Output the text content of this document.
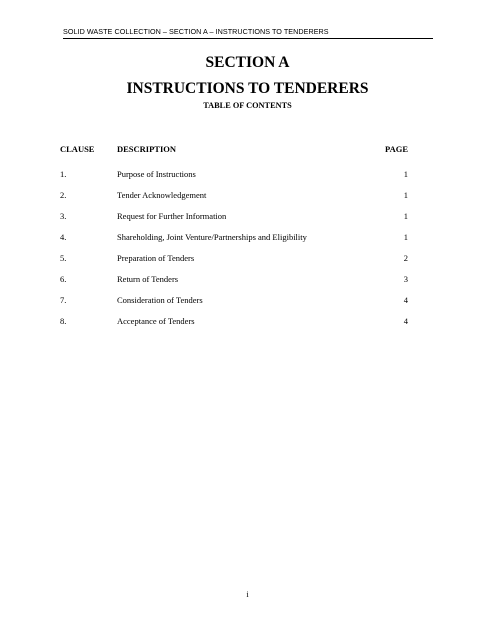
SOLID WASTE COLLECTION – SECTION A – INSTRUCTIONS TO TENDERERS
SECTION A
INSTRUCTIONS TO TENDERERS
TABLE OF CONTENTS
CLAUSE	DESCRIPTION	PAGE
1.	Purpose of Instructions	1
2.	Tender Acknowledgement	1
3.	Request for Further Information	1
4.	Shareholding, Joint Venture/Partnerships and Eligibility	1
5.	Preparation of Tenders	2
6.	Return of Tenders	3
7.	Consideration of Tenders	4
8.	Acceptance of Tenders	4
i
